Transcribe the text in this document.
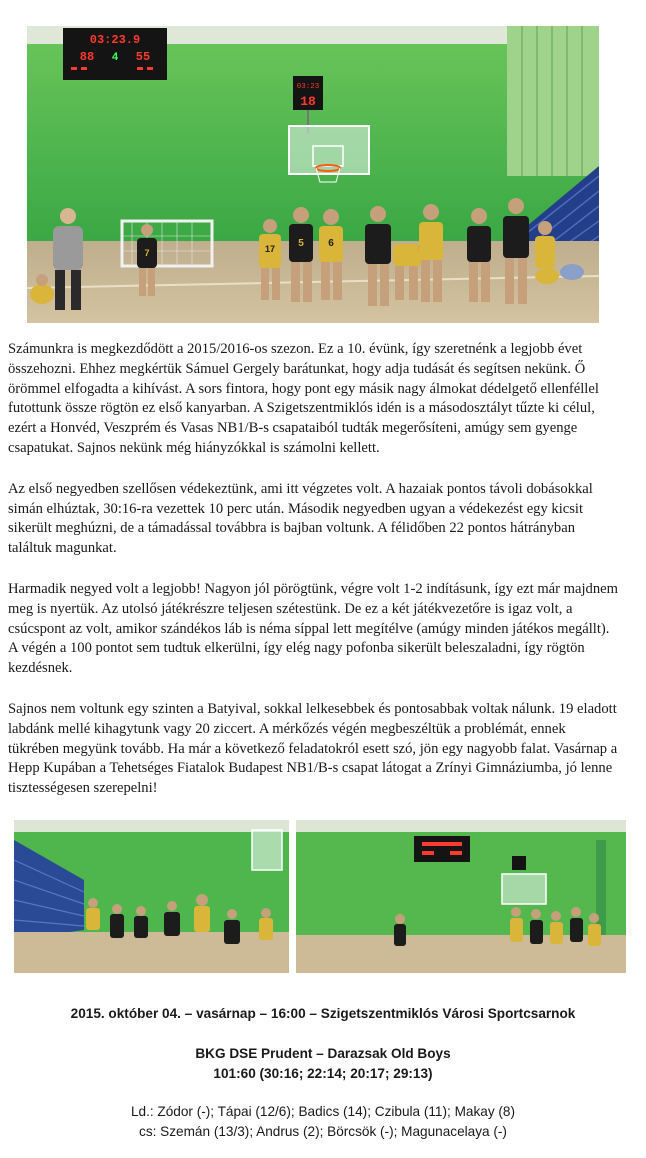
03:23.9
88 4 55
03:23
18
7	17 5 6

Számunkra is megkezdődött a 2015/2016-os szezon. Ez a 10. évünk, így szeretnénk a legjobb évet összehozni. Ehhez megkértük Sámuel Gergely barátunkat, hogy adja tudását és segítsen nekünk. Ő örömmel elfogadta a kihívást. A sors fintora, hogy pont egy másik nagy álmokat dédelgető ellenféllel futottunk össze rögtön ez első kanyarban. A Szigetszentmiklós idén is a másodosztályt tűzte ki célul, ezért a Honvéd, Veszprém és Vasas NB1/B-s csapataiból tudták megerősíteni, amúgy sem gyenge csapatukat. Sajnos nekünk még hiányzókkal is számolni kellett.

Az első negyedben szellősen védekeztünk, ami itt végzetes volt. A hazaiak pontos távoli dobásokkal simán elhúztak, 30:16-ra vezettek 10 perc után. Második negyedben ugyan a védekezést egy kicsit sikerült meghúzni, de a támadással továbbra is bajban voltunk. A félidőben 22 pontos hátrányban találtuk magunkat.

Harmadik negyed volt a legjobb! Nagyon jól pörögtünk, végre volt 1-2 indításunk, így ezt már majdnem meg is nyertük. Az utolsó játékrészre teljesen szétestünk. De ez a két játékvezetőre is igaz volt, a csúcspont az volt, amikor szándékos láb is néma síppal lett megítélve (amúgy minden játékos megállt). A végén a 100 pontot sem tudtuk elkerülni, így elég nagy pofonba sikerült beleszaladni, így rögtön kezdésnek.

Sajnos nem voltunk egy szinten a Batyival, sokkal lelkesebbek és pontosabbak voltak nálunk. 19 eladott labdánk mellé kihagytunk vagy 20 ziccert. A mérkőzés végén megbeszéltük a problémát, ennek tükrében megyünk tovább. Ha már a következő feladatokról esett szó, jön egy nagyobb falat. Vasárnap a Hepp Kupában a Tehetséges Fiatalok Budapest NB1/B-s csapat látogat a Zrínyi Gimnáziumba, jó lenne tisztességesen szerepelni!

2015. október 04. – vasárnap – 16:00 – Szigetszentmiklós Városi Sportcsarnok
BKG DSE Prudent – Darazsak Old Boys
101:60 (30:16; 22:14; 20:17; 29:13)
Ld.: Zódor (-); Tápai (12/6); Badics (14); Czibula (11); Makay (8)
cs: Szemán (13/3); Andrus (2); Börcsök (-); Magunacelaya (-)
